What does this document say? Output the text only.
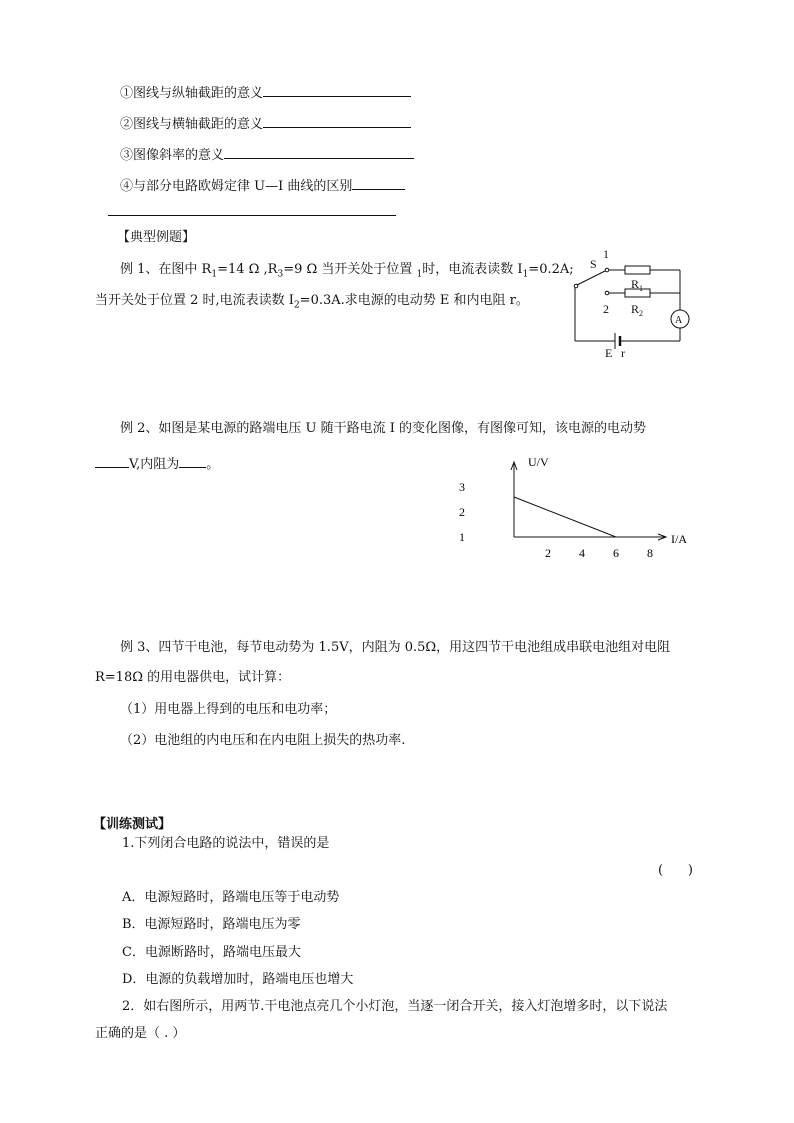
①图线与纵轴截距的意义
②图线与横轴截距的意义
③图像斜率的意义
④与部分电路欧姆定律 U—I 曲线的区别
【典型例题】
例 1、在图中 $R_1=14$ Ω $,R_3=9$ Ω 当开关处于位置 $_1$时，电流表读数 $I_1=0.2A$;
当开关处于位置 2 时,电流表读数 $I_2=0.3A$.求电源的电动势 E 和内电阻 r。
S
1
2
$R_1$
$R_2$
A
E r
例 2、如图是某电源的路端电压 U 随干路电流 I 的变化图像，有图像可知，该电源的电动势
V,内阻为 。	U/V
I/A
2 4 6 8
1
2
3
例 3、四节干电池，每节电动势为 1.5V，内阻为 0.5Ω，用这四节干电池组成串联电池组对电阻
R=18Ω 的用电器供电，试计算：
（1）用电器上得到的电压和电功率；
（2）电池组的内电压和在内电阻上损失的热功率.
【训练测试】
1.下列闭合电路的说法中，错误的是
(      )
A．电源短路时，路端电压等于电动势
B．电源短路时，路端电压为零
C．电源断路时，路端电压最大
D．电源的负载增加时，路端电压也增大
2．如右图所示，用两节.干电池点亮几个小灯泡，当逐一闭合开关，接入灯泡增多时，以下说法
正确的是（ . ）
